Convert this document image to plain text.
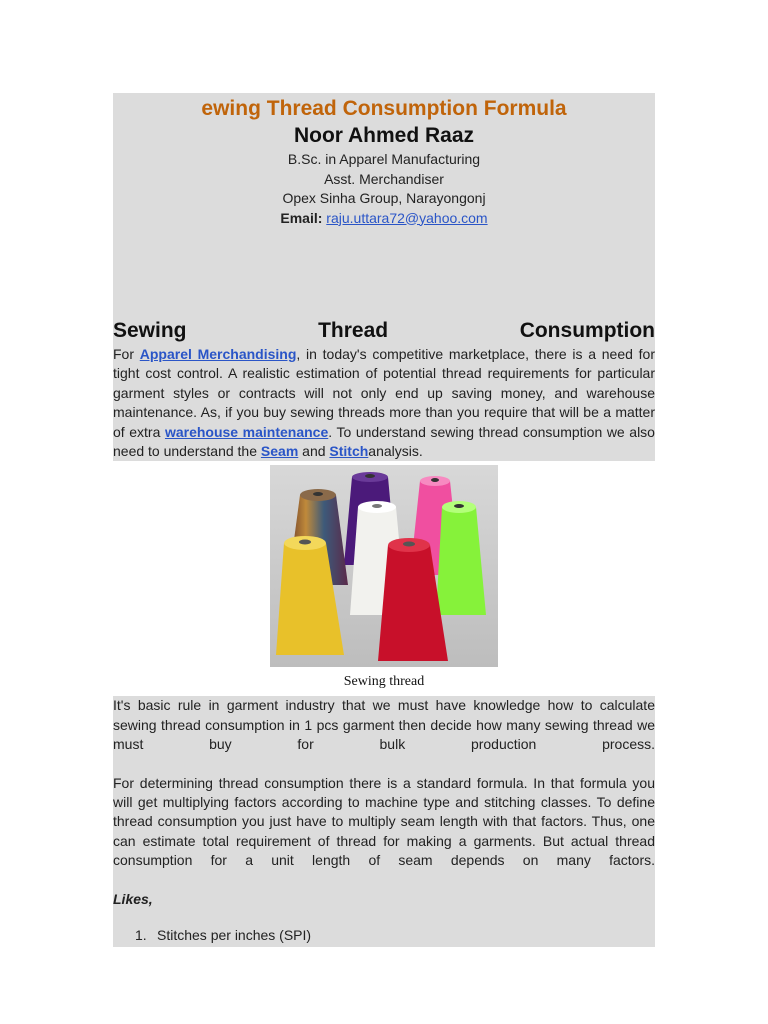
ewing Thread Consumption Formula
Noor Ahmed Raaz
B.Sc. in Apparel Manufacturing
Asst. Merchandiser
Opex Sinha Group, Narayongonj
Email: raju.uttara72@yahoo.com
Sewing	Thread	Consumption
For Apparel Merchandising, in today's competitive marketplace, there is a need for tight cost control. A realistic estimation of potential thread requirements for particular garment styles or contracts will not only end up saving money, and warehouse maintenance. As, if you buy sewing threads more than you require that will be a matter of extra warehouse maintenance. To understand sewing thread consumption we also need to understand the Seam and Stitchanalysis.
Sewing thread
It's basic rule in garment industry that we must have knowledge how to calculate sewing thread consumption in 1 pcs garment then decide how many sewing thread we must buy for bulk production process.
For determining thread consumption there is a standard formula. In that formula you will get multiplying factors according to machine type and stitching classes. To define thread consumption you just have to multiply seam length with that factors. Thus, one can estimate total requirement of thread for making a garments. But actual thread consumption for a unit length of seam depends on many factors.
Likes,
1. Stitches per inches (SPI)
